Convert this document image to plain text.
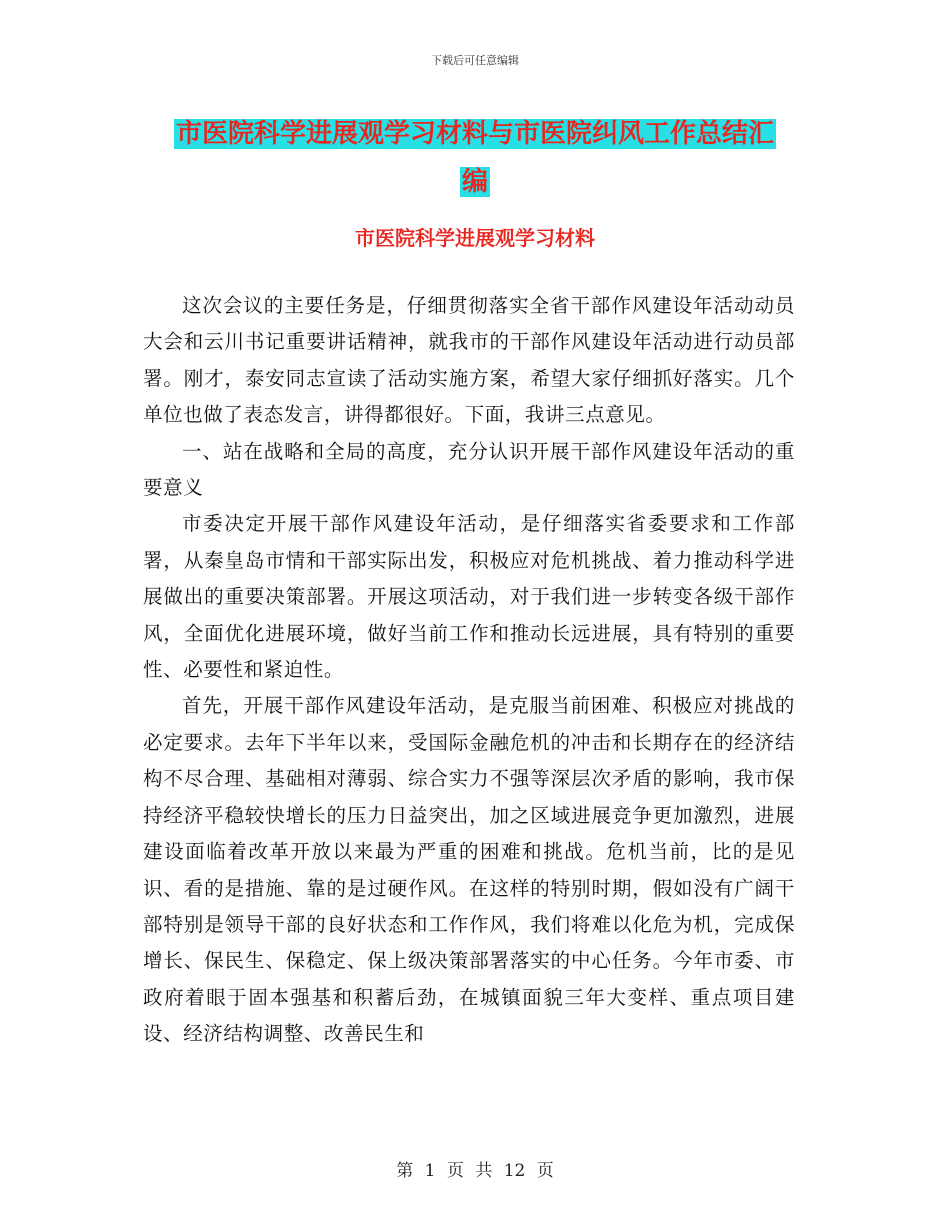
下载后可任意编辑
市医院科学进展观学习材料与市医院纠风工作总结汇
编
市医院科学进展观学习材料

这次会议的主要任务是，仔细贯彻落实全省干部作风建设年活动动员大会和云川书记重要讲话精神，就我市的干部作风建设年活动进行动员部署。刚才，泰安同志宣读了活动实施方案，希望大家仔细抓好落实。几个单位也做了表态发言，讲得都很好。下面，我讲三点意见。

一、站在战略和全局的高度，充分认识开展干部作风建设年活动的重要意义

市委决定开展干部作风建设年活动，是仔细落实省委要求和工作部署，从秦皇岛市情和干部实际出发，积极应对危机挑战、着力推动科学进展做出的重要决策部署。开展这项活动，对于我们进一步转变各级干部作风，全面优化进展环境，做好当前工作和推动长远进展，具有特别的重要性、必要性和紧迫性。

首先，开展干部作风建设年活动，是克服当前困难、积极应对挑战的必定要求。去年下半年以来，受国际金融危机的冲击和长期存在的经济结构不尽合理、基础相对薄弱、综合实力不强等深层次矛盾的影响，我市保持经济平稳较快增长的压力日益突出，加之区域进展竞争更加激烈，进展建设面临着改革开放以来最为严重的困难和挑战。危机当前，比的是见识、看的是措施、靠的是过硬作风。在这样的特别时期，假如没有广阔干部特别是领导干部的良好状态和工作作风，我们将难以化危为机，完成保增长、保民生、保稳定、保上级决策部署落实的中心任务。今年市委、市政府着眼于固本强基和积蓄后劲，在城镇面貌三年大变样、重点项目建设、经济结构调整、改善民生和

第 1 页 共 12 页
